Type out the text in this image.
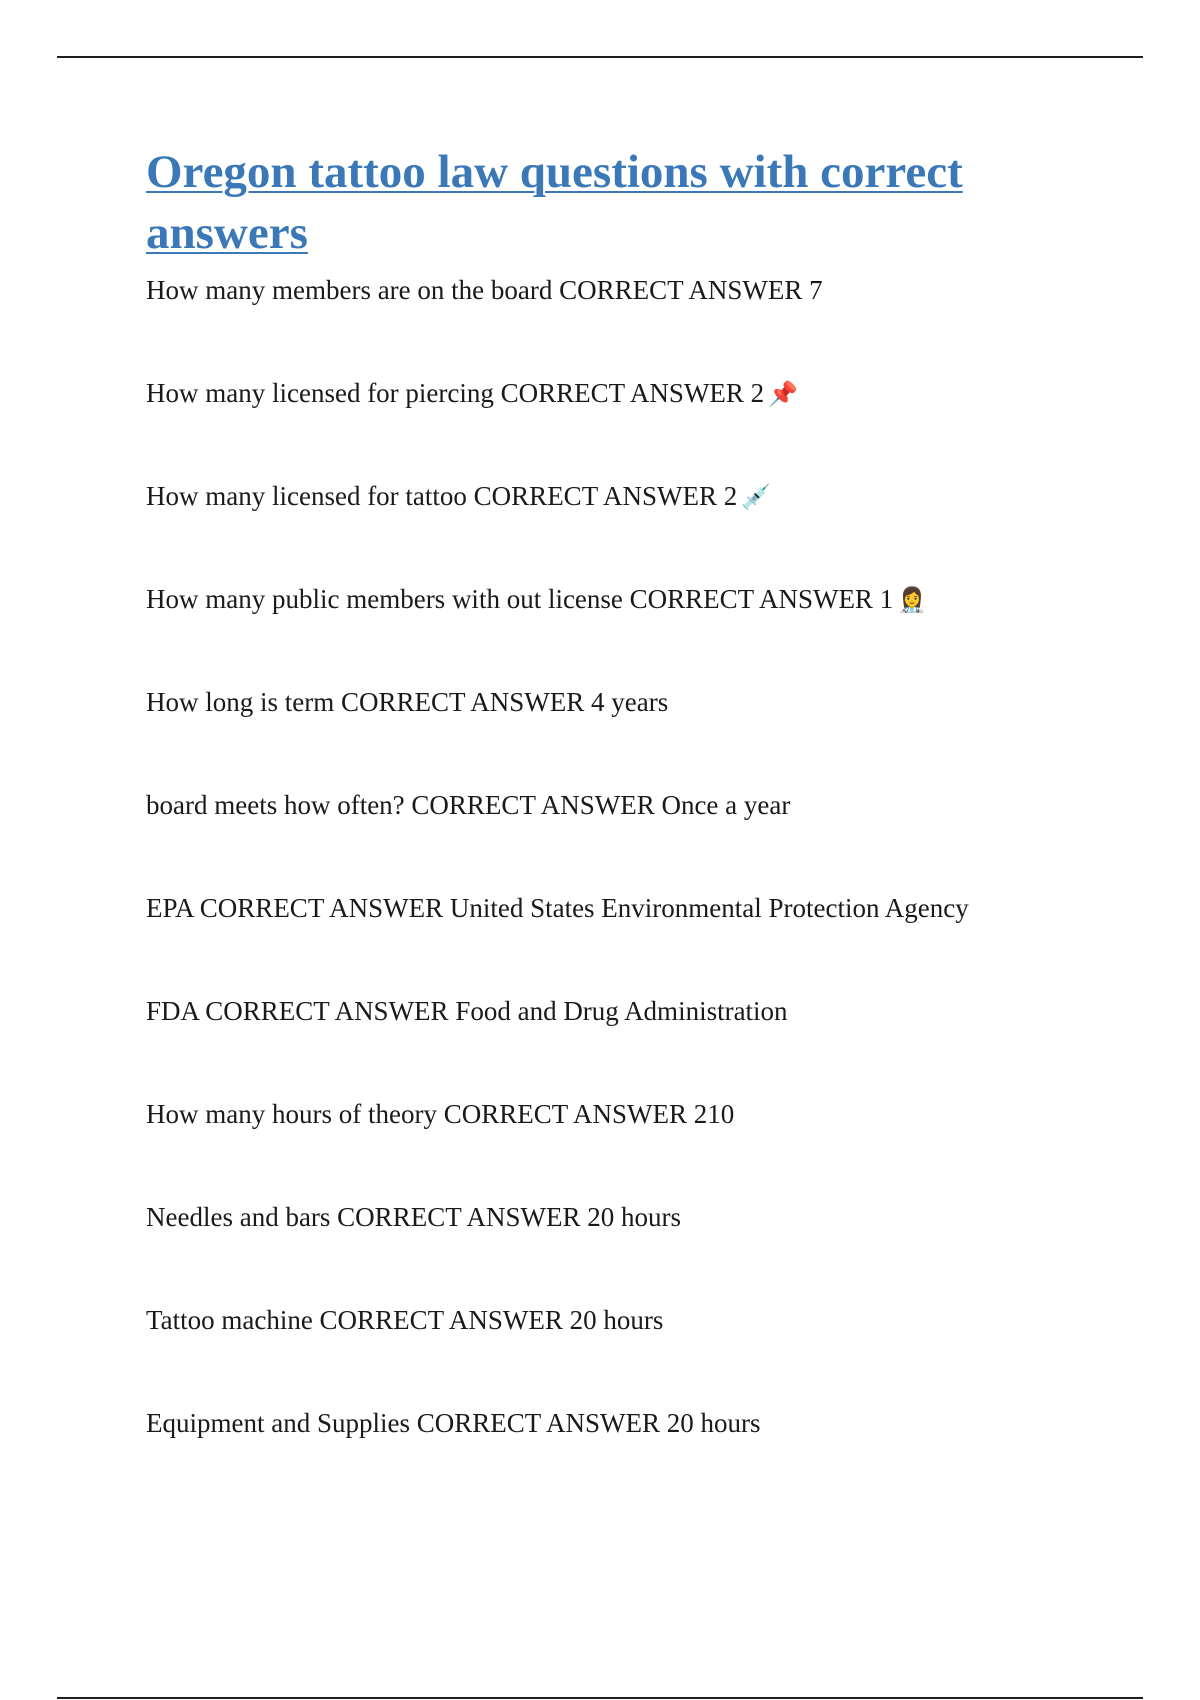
Oregon tattoo law questions with correct answers
How many members are on the board CORRECT ANSWER 7
How many licensed for piercing CORRECT ANSWER 2 📌
How many licensed for tattoo CORRECT ANSWER 2 💉
How many public members with out license CORRECT ANSWER 1 👩‍⚕️
How long is term CORRECT ANSWER 4 years
board meets how often? CORRECT ANSWER Once a year
EPA CORRECT ANSWER United States Environmental Protection Agency
FDA CORRECT ANSWER Food and Drug Administration
How many hours of theory CORRECT ANSWER 210
Needles and bars CORRECT ANSWER 20 hours
Tattoo machine CORRECT ANSWER 20 hours
Equipment and Supplies CORRECT ANSWER 20 hours
